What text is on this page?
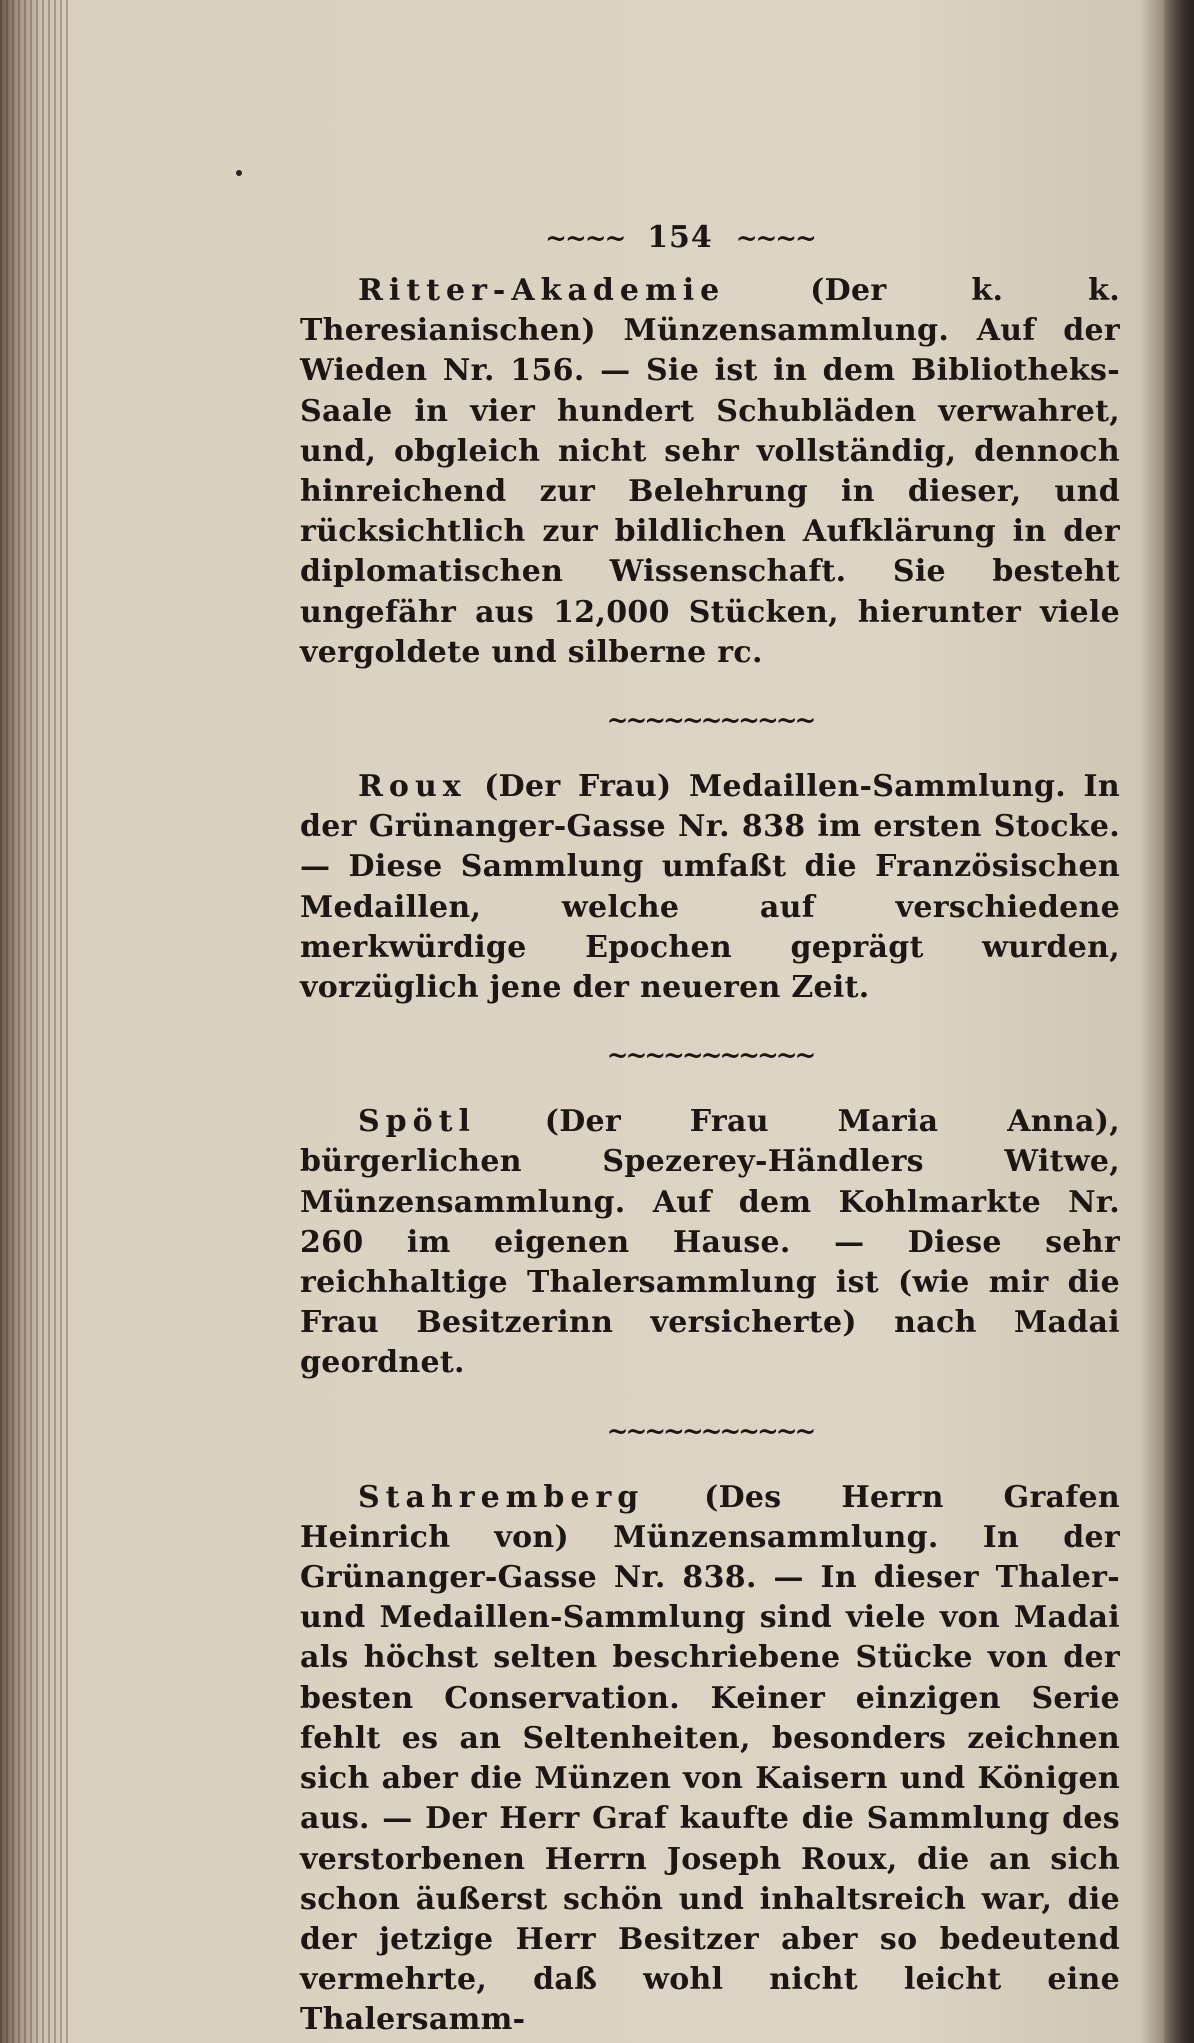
~~~~ 154 ~~~~

Ritter-Akademie	(Der k. k. Theresianischen) Münzensammlung. Auf der Wieden Nr. 156. — Sie ist in dem Bibliotheks-Saale in vier hundert Schubläden verwahret, und, obgleich nicht sehr vollständig, dennoch hinreichend zur Belehrung in dieser, und rücksichtlich zur bildlichen Aufklärung in der diplomatischen Wissenschaft. Sie besteht ungefähr aus 12,000 Stücken, hierunter viele vergoldete und silberne rc.

~~~~~~~~~~~

Roux (Der Frau) Medaillen-Sammlung. In der Grünanger-Gasse Nr. 838 im ersten Stocke. — Diese Sammlung umfaßt die Französischen Medaillen, welche auf verschiedene merkwürdige Epochen geprägt wurden, vorzüglich jene der neueren Zeit.

~~~~~~~~~~~

Spötl (Der Frau Maria Anna), bürgerlichen Spezerey-Händlers Witwe, Münzensammlung. Auf dem Kohlmarkte Nr. 260 im eigenen Hause. — Diese sehr reichhaltige Thalersammlung ist (wie mir die Frau Besitzerinn versicherte) nach Madai geordnet.

~~~~~~~~~~~

Stahremberg (Des Herrn Grafen Heinrich von) Münzensammlung. In der Grünanger-Gasse Nr. 838. — In dieser Thaler- und Medaillen-Sammlung sind viele von Madai als höchst selten beschriebene Stücke von der besten Conservation. Keiner einzigen Serie fehlt es an Seltenheiten, besonders zeichnen sich aber die Münzen von Kaisern und Königen aus. — Der Herr Graf kaufte die Sammlung des verstorbenen Herrn Joseph Roux, die an sich schon äußerst schön und inhaltsreich war, die der jetzige Herr Besitzer aber so bedeutend vermehrte, daß wohl nicht leicht eine Thalersamm-
